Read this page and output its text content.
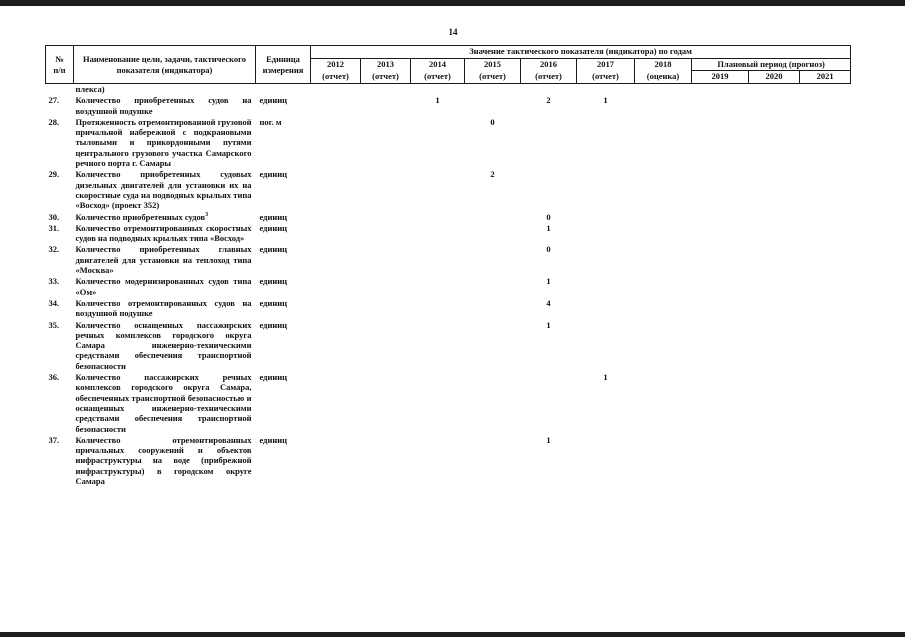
14
№
п/п	Наименование цели, задачи, тактического показателя (индикатора)	Единица
измерения	Значение тактического показателя (индикатора) по годам									
			2012	2013	2014	2015	2016	2017	2018	Плановый период (прогноз)		
			(отчет)	(отчет)	(отчет)	(отчет)	(отчет)	(отчет)	(оценка)	2019	2020	2021
	плекса)											
27.	Количество приобретенных судов на воздушной подушке	единиц			1		2	1				
28.	Протяженность отремонтированной грузовой причальной набережной с подкрановыми тыловыми и прикордонными путями центрального грузового участка Самарского речного порта г. Самары	пог. м				0						
29.	Количество приобретенных судовых дизельных двигателей для установки их на скоростные суда на подводных крыльях типа «Восход» (проект 352)	единиц				2						
30.	Количество приобретенных судов$^3$	единиц					0					
31.	Количество отремонтированных скоростных судов на подводных крыльях типа «Восход»	единиц					1					
32.	Количество приобретенных главных двигателей для установки на теплоход типа «Москва»	единиц					0					
33.	Количество модернизированных судов типа «Ом»	единиц					1					
34.	Количество отремонтированных судов на воздушной подушке	единиц					4					
35.	Количество оснащенных пассажирских речных комплексов городского округа Самара инженерно-техническими средствами обеспечения транспортной безопасности	единиц					1					
36.	Количество пассажирских речных комплексов городского округа Самара, обеспеченных транспортной безопасностью и оснащенных инженерно-техническими средствами обеспечения транспортной безопасности	единиц						1				
37.	Количество отремонтированных причальных сооружений и объектов инфраструктуры на воде (прибрежной инфраструктуры) в городском округе Самара	единиц					1					
